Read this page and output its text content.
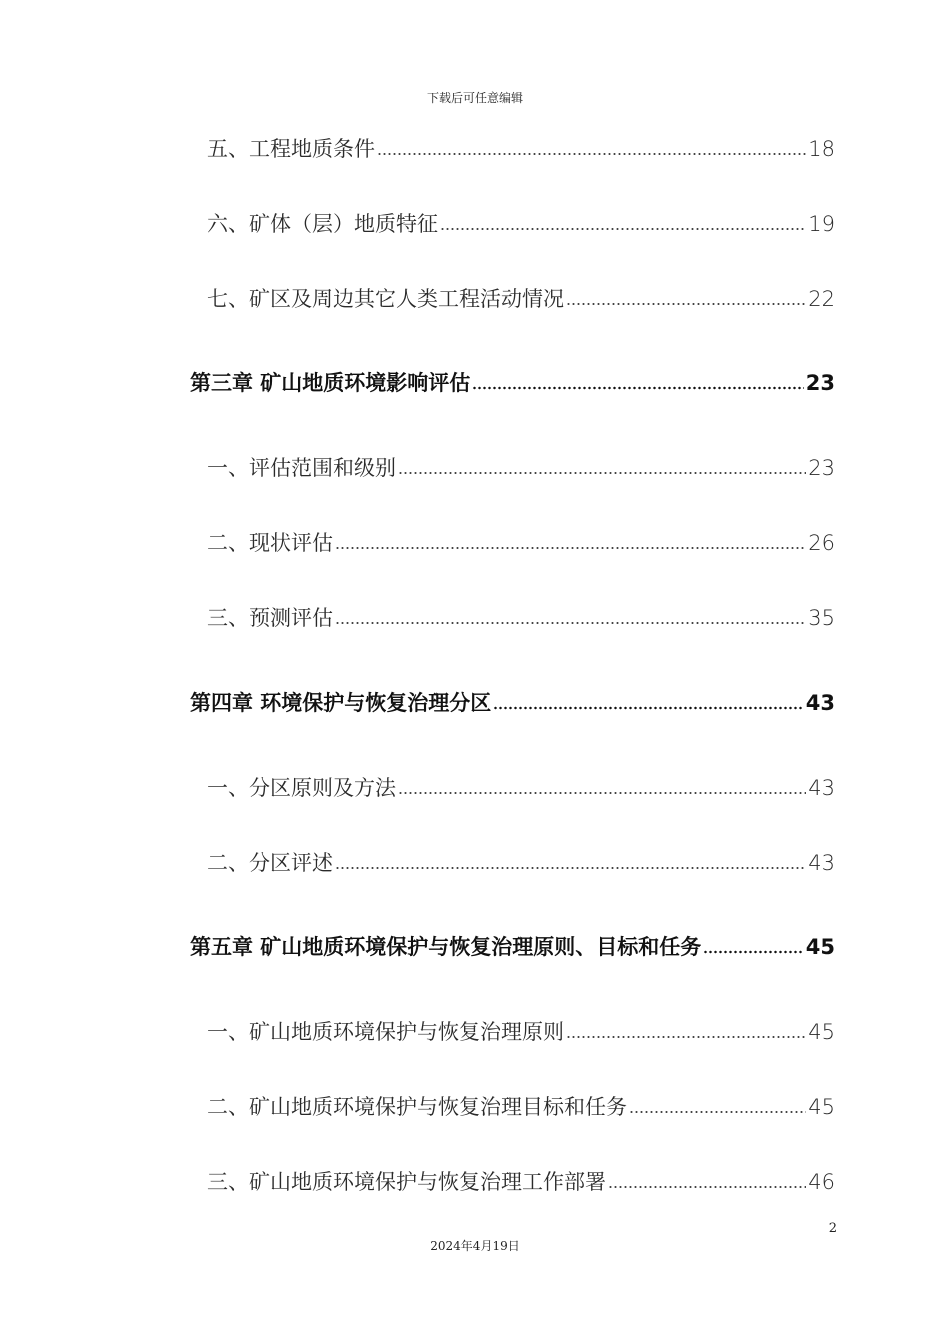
下载后可任意编辑
五、工程地质条件	18
六、矿体（层）地质特征	19
七、矿区及周边其它人类工程活动情况	22
第三章 矿山地质环境影响评估	23
一、评估范围和级别	23
二、现状评估	26
三、预测评估	35
第四章 环境保护与恢复治理分区	43
一、分区原则及方法	43
二、分区评述	43
第五章 矿山地质环境保护与恢复治理原则、目标和任务	45
一、矿山地质环境保护与恢复治理原则	45
二、矿山地质环境保护与恢复治理目标和任务	45
三、矿山地质环境保护与恢复治理工作部署	46
2
2024年4月19日
